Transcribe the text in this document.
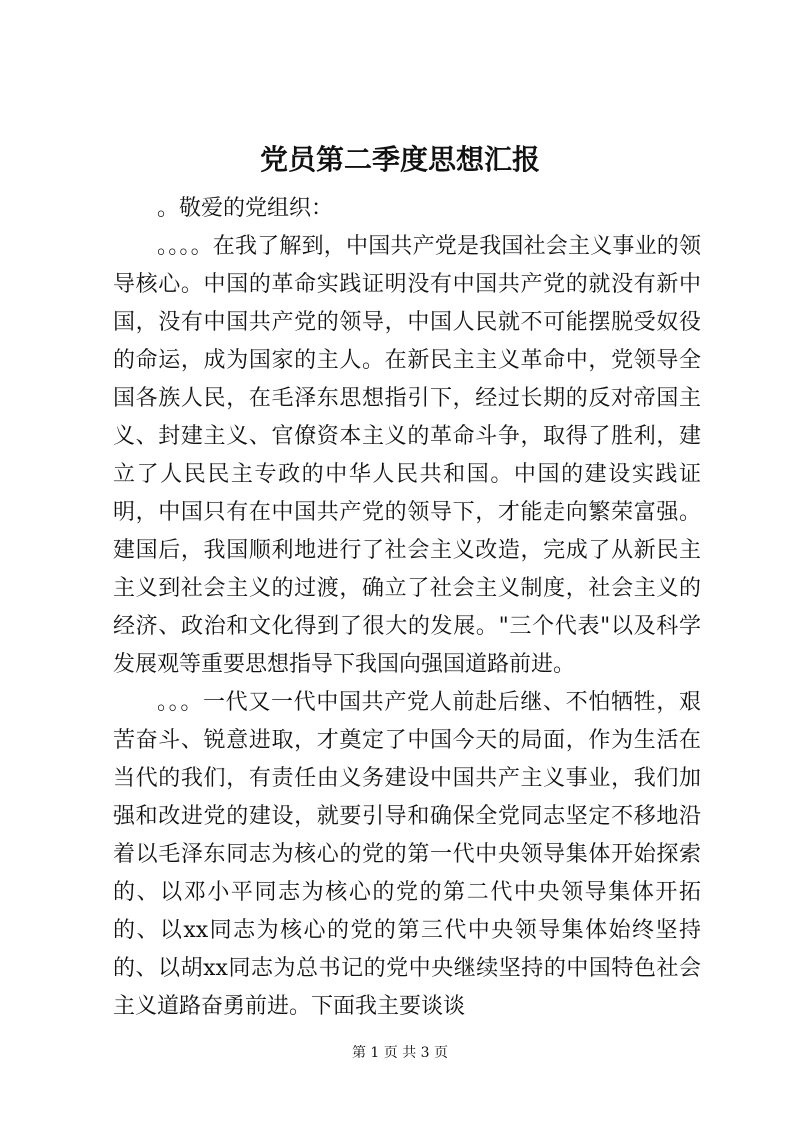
党员第二季度思想汇报

。敬爱的党组织：

。。。。在我了解到，中国共产党是我国社会主义事业的领导核心。中国的革命实践证明没有中国共产党的就没有新中国，没有中国共产党的领导，中国人民就不可能摆脱受奴役的命运，成为国家的主人。在新民主主义革命中，党领导全国各族人民，在毛泽东思想指引下，经过长期的反对帝国主义、封建主义、官僚资本主义的革命斗争，取得了胜利，建立了人民民主专政的中华人民共和国。中国的建设实践证明，中国只有在中国共产党的领导下，才能走向繁荣富强。建国后，我国顺利地进行了社会主义改造，完成了从新民主主义到社会主义的过渡，确立了社会主义制度，社会主义的经济、政治和文化得到了很大的发展。"三个代表"以及科学发展观等重要思想指导下我国向强国道路前进。

。。。一代又一代中国共产党人前赴后继、不怕牺牲，艰苦奋斗、锐意进取，才奠定了中国今天的局面，作为生活在当代的我们，有责任由义务建设中国共产主义事业，我们加强和改进党的建设，就要引导和确保全党同志坚定不移地沿着以毛泽东同志为核心的党的第一代中央领导集体开始探索的、以邓小平同志为核心的党的第二代中央领导集体开拓的、以xx同志为核心的党的第三代中央领导集体始终坚持的、以胡xx同志为总书记的党中央继续坚持的中国特色社会主义道路奋勇前进。下面我主要谈谈

第 1 页 共 3 页
